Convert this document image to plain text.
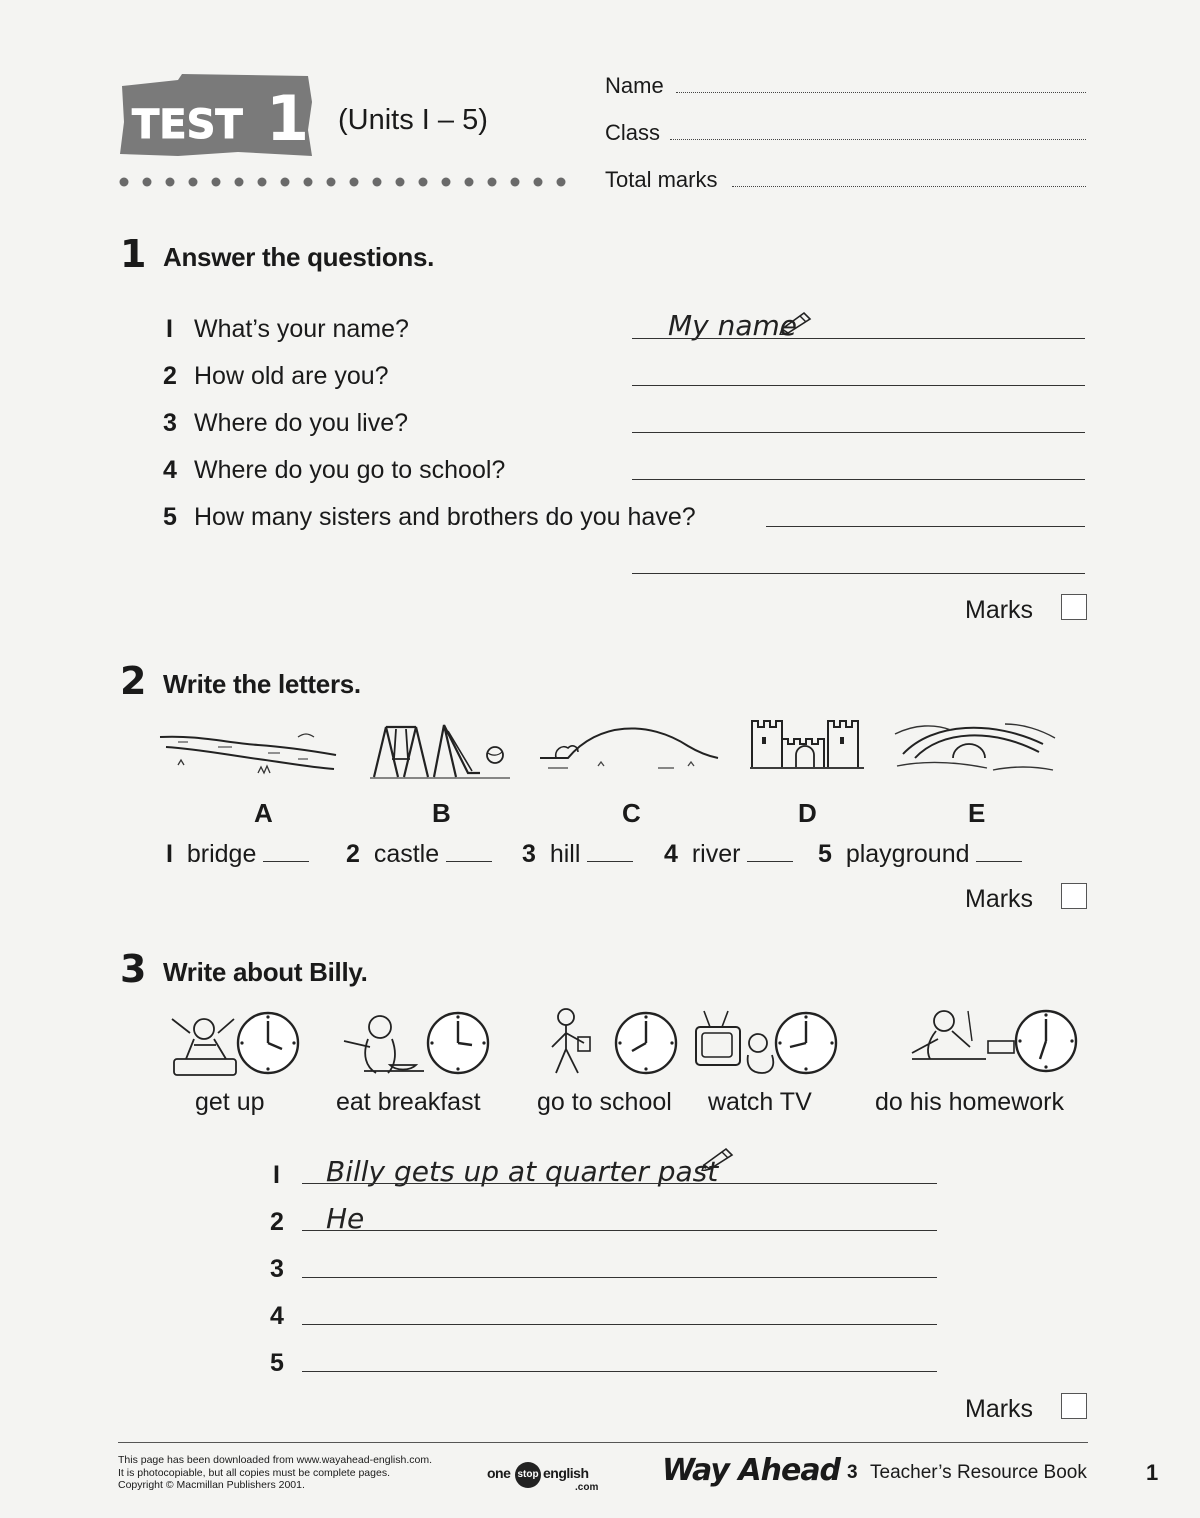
TEST 1 (Units I – 5)
Name
Class
Total marks
1 Answer the questions.
I What’s your name?	My name
2 How old are you?
3 Where do you live?
4 Where do you go to school?
5 How many sisters and brothers do you have?
Marks
2 Write the letters.
A	B	C	D	E
I bridge	2 castle	3 hill	4 river	5 playground
Marks
3 Write about Billy.
get up	eat breakfast go to school watch TV	do his homework
I Billy gets up at quarter past
2 He
3
4
5
Marks
This page has been downloaded from www.wayahead-english.com.
It is photocopiable, but all copies must be complete pages.
Copyright © Macmillan Publishers 2001.
one stop english
.com Way Ahead 3 Teacher’s Resource Book	1
